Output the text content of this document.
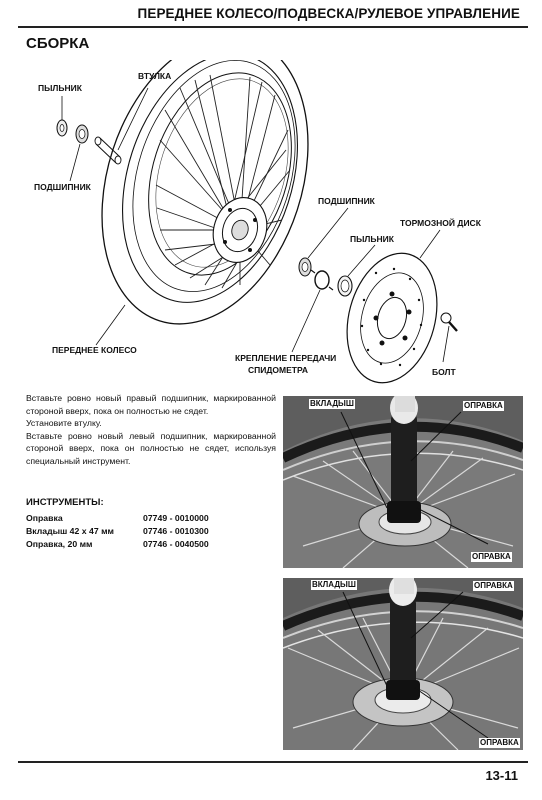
ПЕРЕДНЕЕ КОЛЕСО/ПОДВЕСКА/РУЛЕВОЕ УПРАВЛЕНИЕ
СБОРКА
ПЫЛЬНИК
ВТУЛКА
ПОДШИПНИК
ПОДШИПНИК
ТОРМОЗНОЙ ДИСК
ПЫЛЬНИК
ПЕРЕДНЕЕ КОЛЕСО
КРЕПЛЕНИЕ ПЕРЕДАЧИ
СПИДОМЕТРА	БОЛТ

Вставьте ровно новый правый подшипник, маркированной стороной вверх, пока он полностью не сядет.

Установите втулку.

Вставьте ровно новый левый подшипник, маркированной стороной вверх, пока он полностью не сядет, используя специальный инструмент.

ИНСТРУМЕНТЫ:
Оправка	07749 - 0010000
Вкладыш 42 х 47 мм	07746 - 0010300
Оправка, 20 мм	07746 - 0040500
ВКЛАДЫШ	ОПРАВКА
ОПРАВКА
ВКЛАДЫШ	ОПРАВКА
ОПРАВКА
13-11
